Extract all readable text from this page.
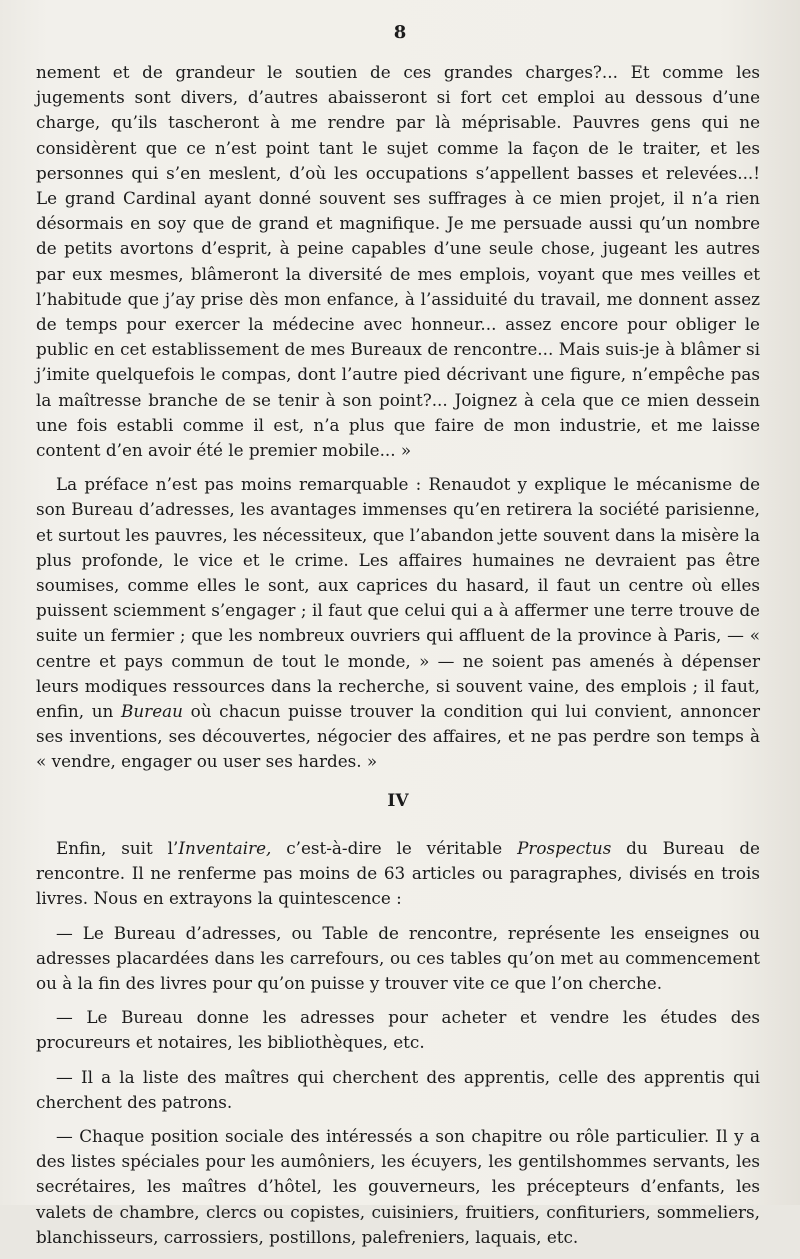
8

nement et de grandeur le soutien de ces grandes charges?... Et comme les jugements sont divers, d’autres abaisseront si fort cet emploi au dessous d’une charge, qu’ils tascheront à me rendre par là méprisable. Pauvres gens qui ne considèrent que ce n’est point tant le sujet comme la façon de le traiter, et les personnes qui s’en meslent, d’où les occupations s’appellent basses et relevées...! Le grand Cardinal ayant donné souvent ses suffrages à ce mien projet, il n’a rien désormais en soy que de grand et magnifique. Je me persuade aussi qu’un nombre de petits avortons d’esprit, à peine capables d’une seule chose, jugeant les autres par eux mesmes, blâmeront la diversité de mes emplois, voyant que mes veilles et l’habitude que j’ay prise dès mon enfance, à l’assiduité du travail, me donnent assez de temps pour exercer la médecine avec honneur... assez encore pour obliger le public en cet establissement de mes Bureaux de rencontre... Mais suis-je à blâmer si j’imite quelquefois le compas, dont l’autre pied décrivant une figure, n’empêche pas la maîtresse branche de se tenir à son point?... Joignez à cela que ce mien dessein une fois establi comme il est, n’a plus que faire de mon industrie, et me laisse content d’en avoir été le premier mobile... »

La préface n’est pas moins remarquable : Renaudot y explique le mécanisme de son Bureau d’adresses, les avantages immenses qu’en retirera la société parisienne, et surtout les pauvres, les nécessiteux, que l’abandon jette souvent dans la misère la plus profonde, le vice et le crime. Les affaires humaines ne devraient pas être soumises, comme elles le sont, aux caprices du hasard, il faut un centre où elles puissent sciemment s’engager ; il faut que celui qui a à affermer une terre trouve de suite un fermier ; que les nombreux ouvriers qui affluent de la province à Paris, — « centre et pays commun de tout le monde, » — ne soient pas amenés à dépenser leurs modiques ressources dans la recherche, si souvent vaine, des emplois ; il faut, enfin, un Bureau où chacun puisse trouver la condition qui lui convient, annoncer ses inventions, ses découvertes, négocier des affaires, et ne pas perdre son temps à « vendre, engager ou user ses hardes. »

IV

Enfin, suit l’Inventaire, c’est-à-dire le véritable Prospectus du Bureau de rencontre. Il ne renferme pas moins de 63 articles ou paragraphes, divisés en trois livres. Nous en extrayons la quintescence :

— Le Bureau d’adresses, ou Table de rencontre, représente les enseignes ou adresses placardées dans les carrefours, ou ces tables qu’on met au commencement ou à la fin des livres pour qu’on puisse y trouver vite ce que l’on cherche.

— Le Bureau donne les adresses pour acheter et vendre les études des procureurs et notaires, les bibliothèques, etc.

— Il a la liste des maîtres qui cherchent des apprentis, celle des apprentis qui cherchent des patrons.

— Chaque position sociale des intéressés a son chapitre ou rôle particulier. Il y a des listes spéciales pour les aumôniers, les écuyers, les gentilshommes servants, les secrétaires, les maîtres d’hôtel, les gouverneurs, les précepteurs d’enfants, les valets de chambre, clercs ou copistes, cuisiniers, fruitiers, confituriers, sommeliers, blanchisseurs, carrossiers, postillons, palefreniers, laquais, etc.
